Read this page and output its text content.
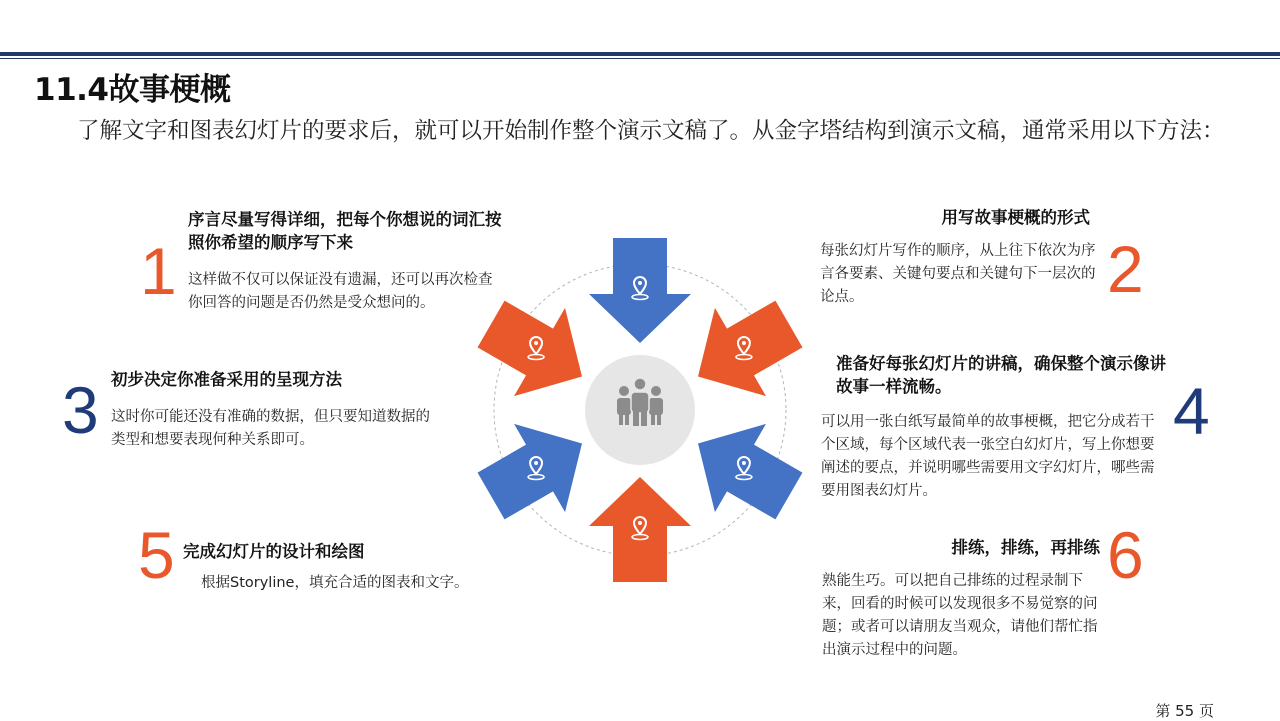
11.4故事梗概
了解文字和图表幻灯片的要求后，就可以开始制作整个演示文稿了。从金字塔结构到演示文稿，通常采用以下方法：
1
序言尽量写得详细，把每个你想说的词汇按照你希望的顺序写下来
这样做不仅可以保证没有遗漏，还可以再次检查你回答的问题是否仍然是受众想问的。
用写故事梗概的形式
每张幻灯片写作的顺序，从上往下依次为序言各要素、关键句要点和关键句下一层次的论点。	2
3 初步决定你准备采用的呈现方法
这时你可能还没有准确的数据，但只要知道数据的类型和想要表现何种关系即可。
准备好每张幻灯片的讲稿，确保整个演示像讲故事一样流畅。
可以用一张白纸写最简单的故事梗概，把它分成若干个区域，每个区域代表一张空白幻灯片，写上你想要阐述的要点，并说明哪些需要用文字幻灯片，哪些需要用图表幻灯片。
4
5 完成幻灯片的设计和绘图
根据Storyline，填充合适的图表和文字。
排练，排练，再排练
熟能生巧。可以把自己排练的过程录制下来，回看的时候可以发现很多不易觉察的问题；或者可以请朋友当观众，请他们帮忙指出演示过程中的问题。
6
第 55 页
